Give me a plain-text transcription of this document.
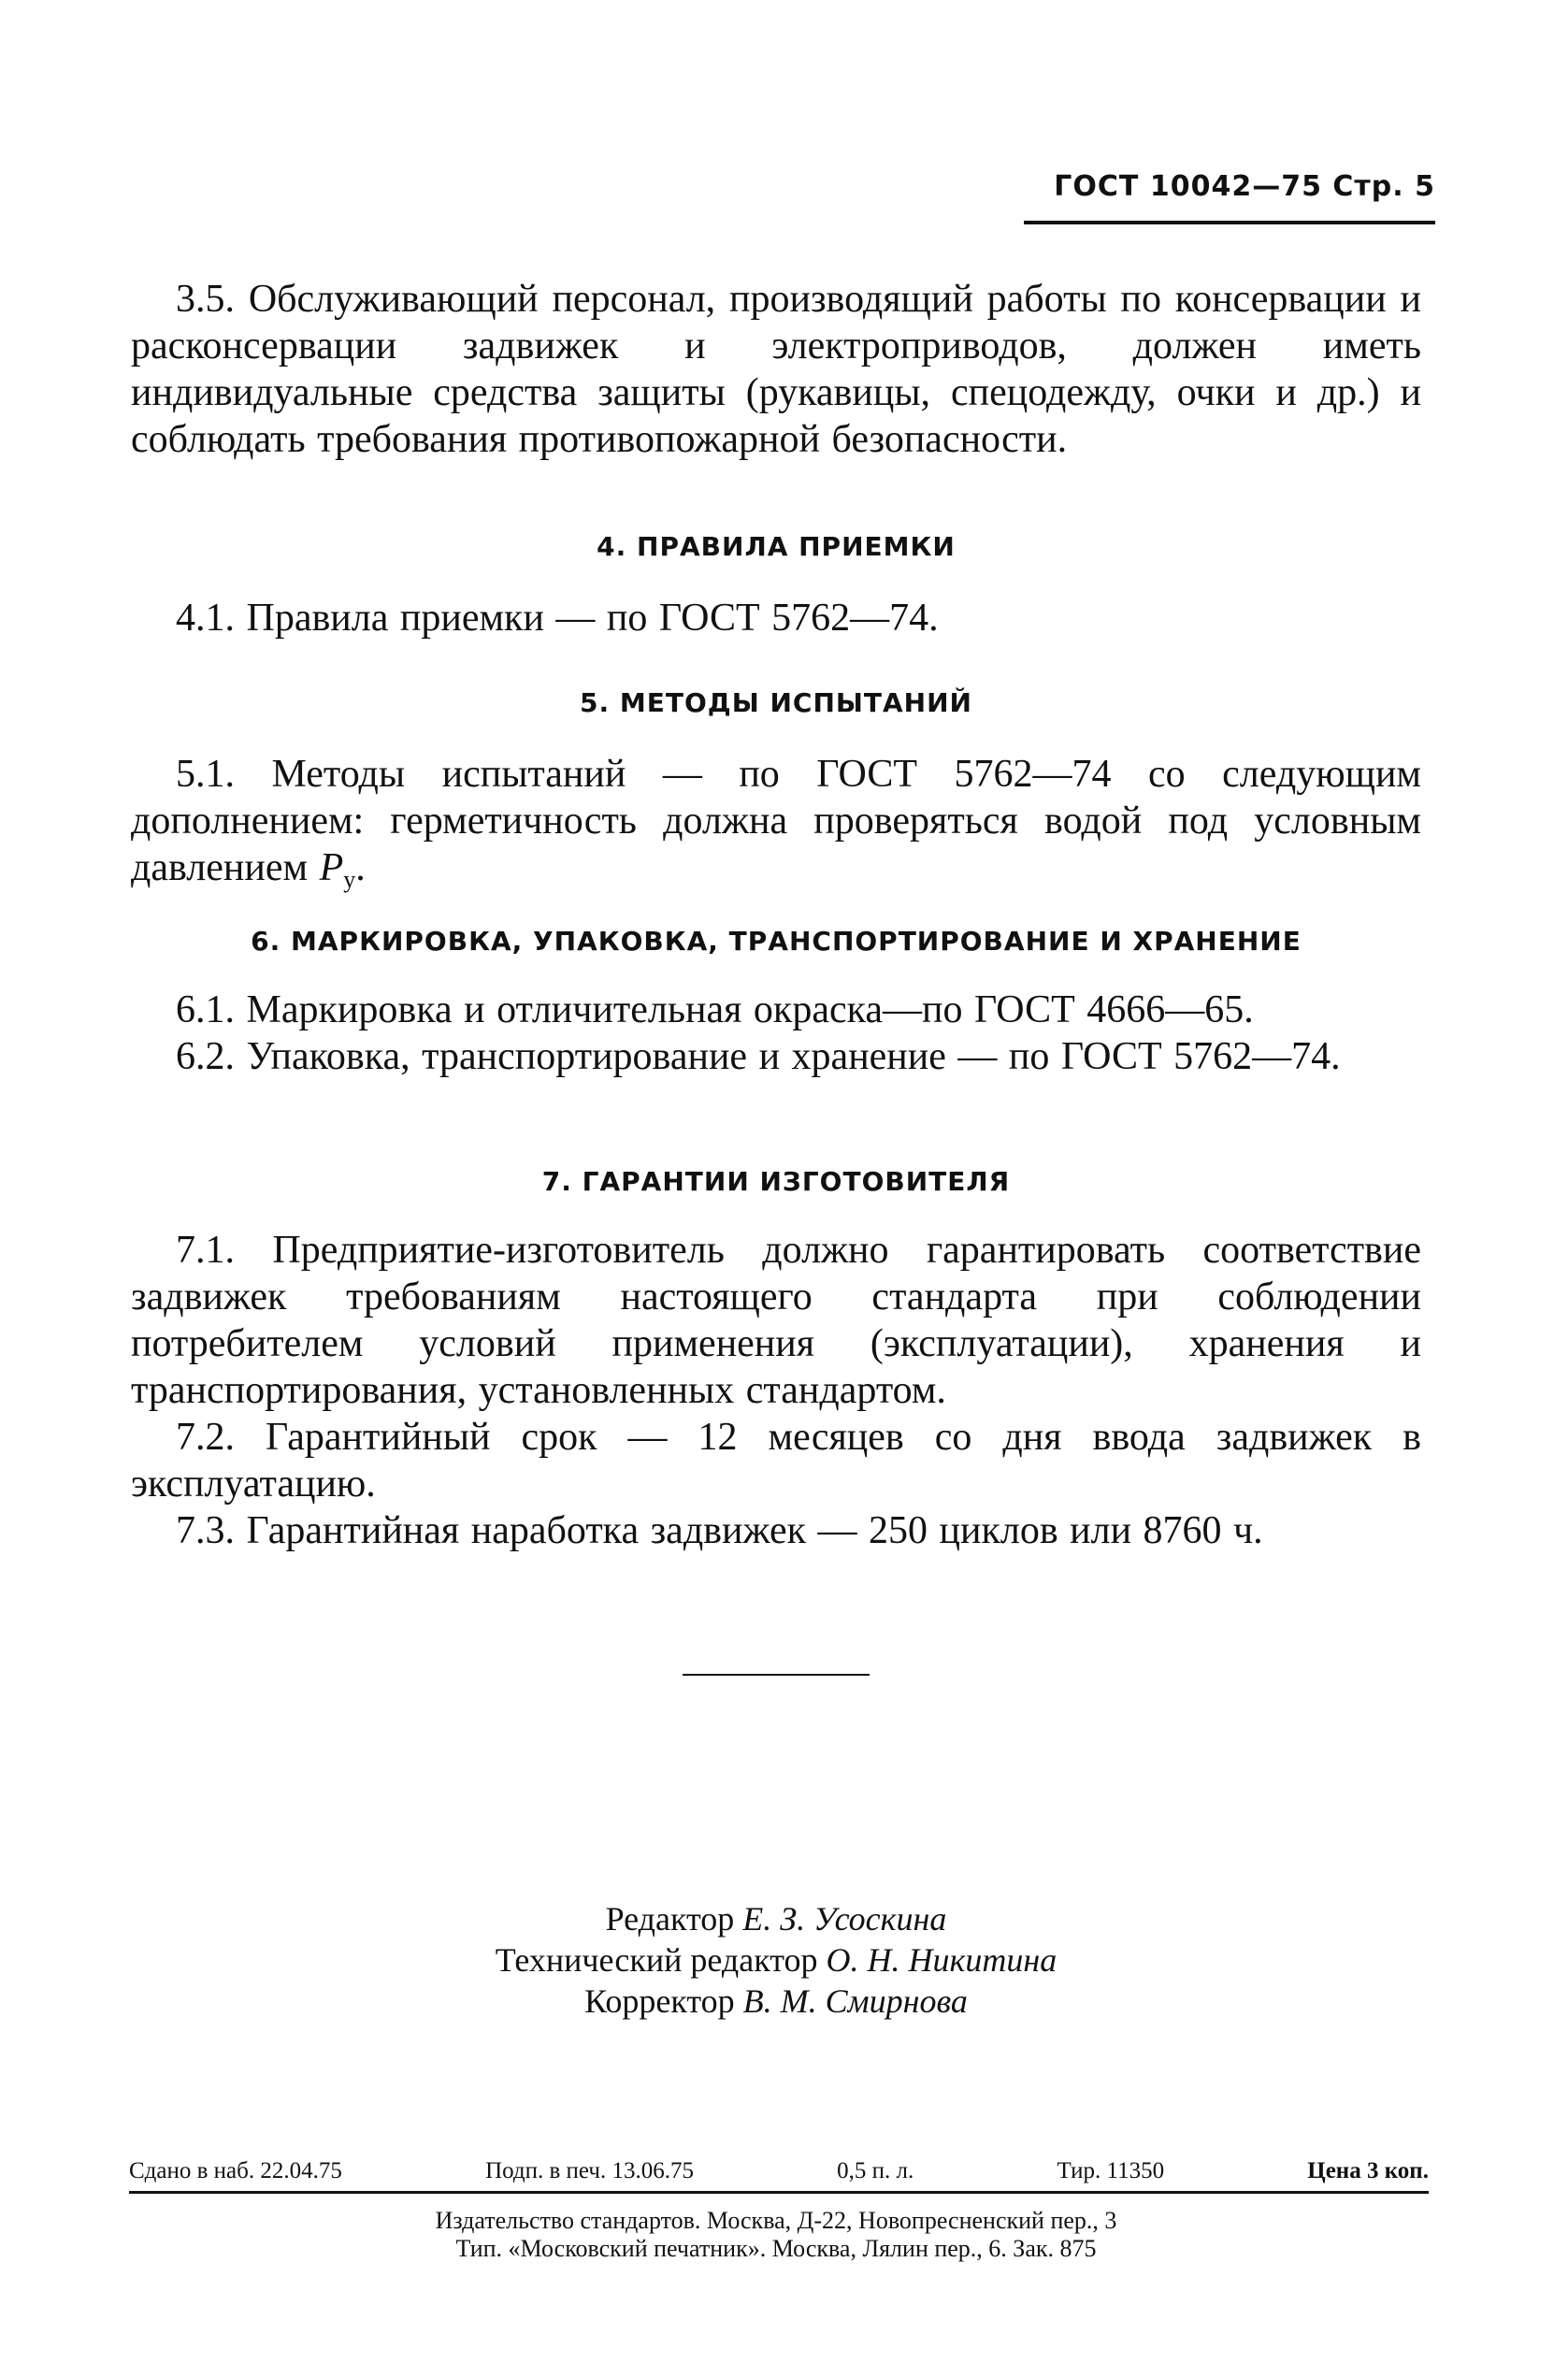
ГОСТ 10042—75 Стр. 5

3.5. Обслуживающий персонал, производящий работы по консервации и расконсервации задвижек и электроприводов, должен иметь индивидуальные средства защиты (рукавицы, спецодежду, очки и др.) и соблюдать требования противопожарной безопасности.

4. ПРАВИЛА ПРИЕМКИ

4.1. Правила приемки — по ГОСТ 5762—74.

5. МЕТОДЫ ИСПЫТАНИЙ

5.1. Методы испытаний — по ГОСТ 5762—74 со следующим дополнением: герметичность должна проверяться водой под условным давлением $P_у$.

6. МАРКИРОВКА, УПАКОВКА, ТРАНСПОРТИРОВАНИЕ И ХРАНЕНИЕ

6.1. Маркировка и отличительная окраска—по ГОСТ 4666—65.

6.2. Упаковка, транспортирование и хранение — по ГОСТ 5762—74.

7. ГАРАНТИИ ИЗГОТОВИТЕЛЯ

7.1. Предприятие-изготовитель должно гарантировать соответствие задвижек требованиям настоящего стандарта при соблюдении потребителем условий применения (эксплуатации), хранения и транспортирования, установленных стандартом.

7.2. Гарантийный срок — 12 месяцев со дня ввода задвижек в эксплуатацию.

7.3. Гарантийная наработка задвижек — 250 циклов или 8760 ч.

Редактор Е. З. Усоскина
Технический редактор О. Н. Никитина
Корректор В. М. Смирнова
Сдано в наб. 22.04.75	Подп. в печ. 13.06.75	0,5 п. л.	Тир. 11350	Цена 3 коп.
Издательство стандартов. Москва, Д-22, Новопресненский пер., 3
Тип. «Московский печатник». Москва, Лялин пер., 6. Зак. 875
